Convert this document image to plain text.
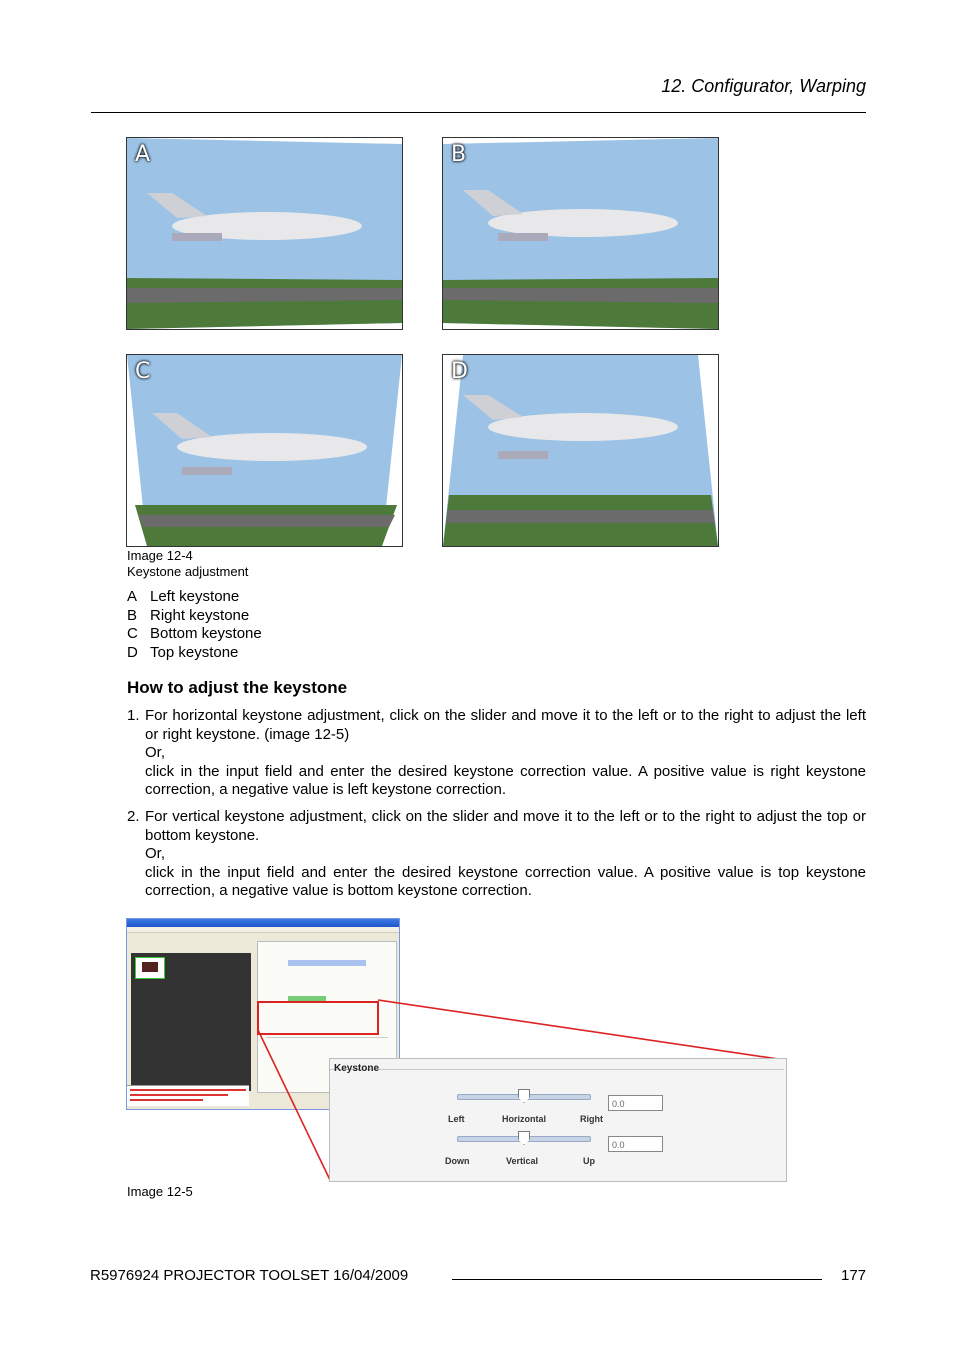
12. Configurator, Warping
A	B
C	D
Image 12-4
Keystone adjustment
A Left keystone
B Right keystone
C Bottom keystone
D Top keystone
How to adjust the keystone
1. For horizontal keystone adjustment, click on the slider and move it to the left or to the right to adjust the left or right keystone. (image 12-5)

Or,

click in the input field and enter the desired keystone correction value. A positive value is right keystone correction, a negative value is left keystone correction.

2. For vertical keystone adjustment, click on the slider and move it to the left or to the right to adjust the top or bottom keystone.

Or,

click in the input field and enter the desired keystone correction value. A positive value is top keystone correction, a negative value is bottom keystone correction.

Keystone
Left	Horizontal	Right
0.0
Down	Vertical	Up
0.0
Image 12-5
R5976924 PROJECTOR TOOLSET 16/04/2009	177
